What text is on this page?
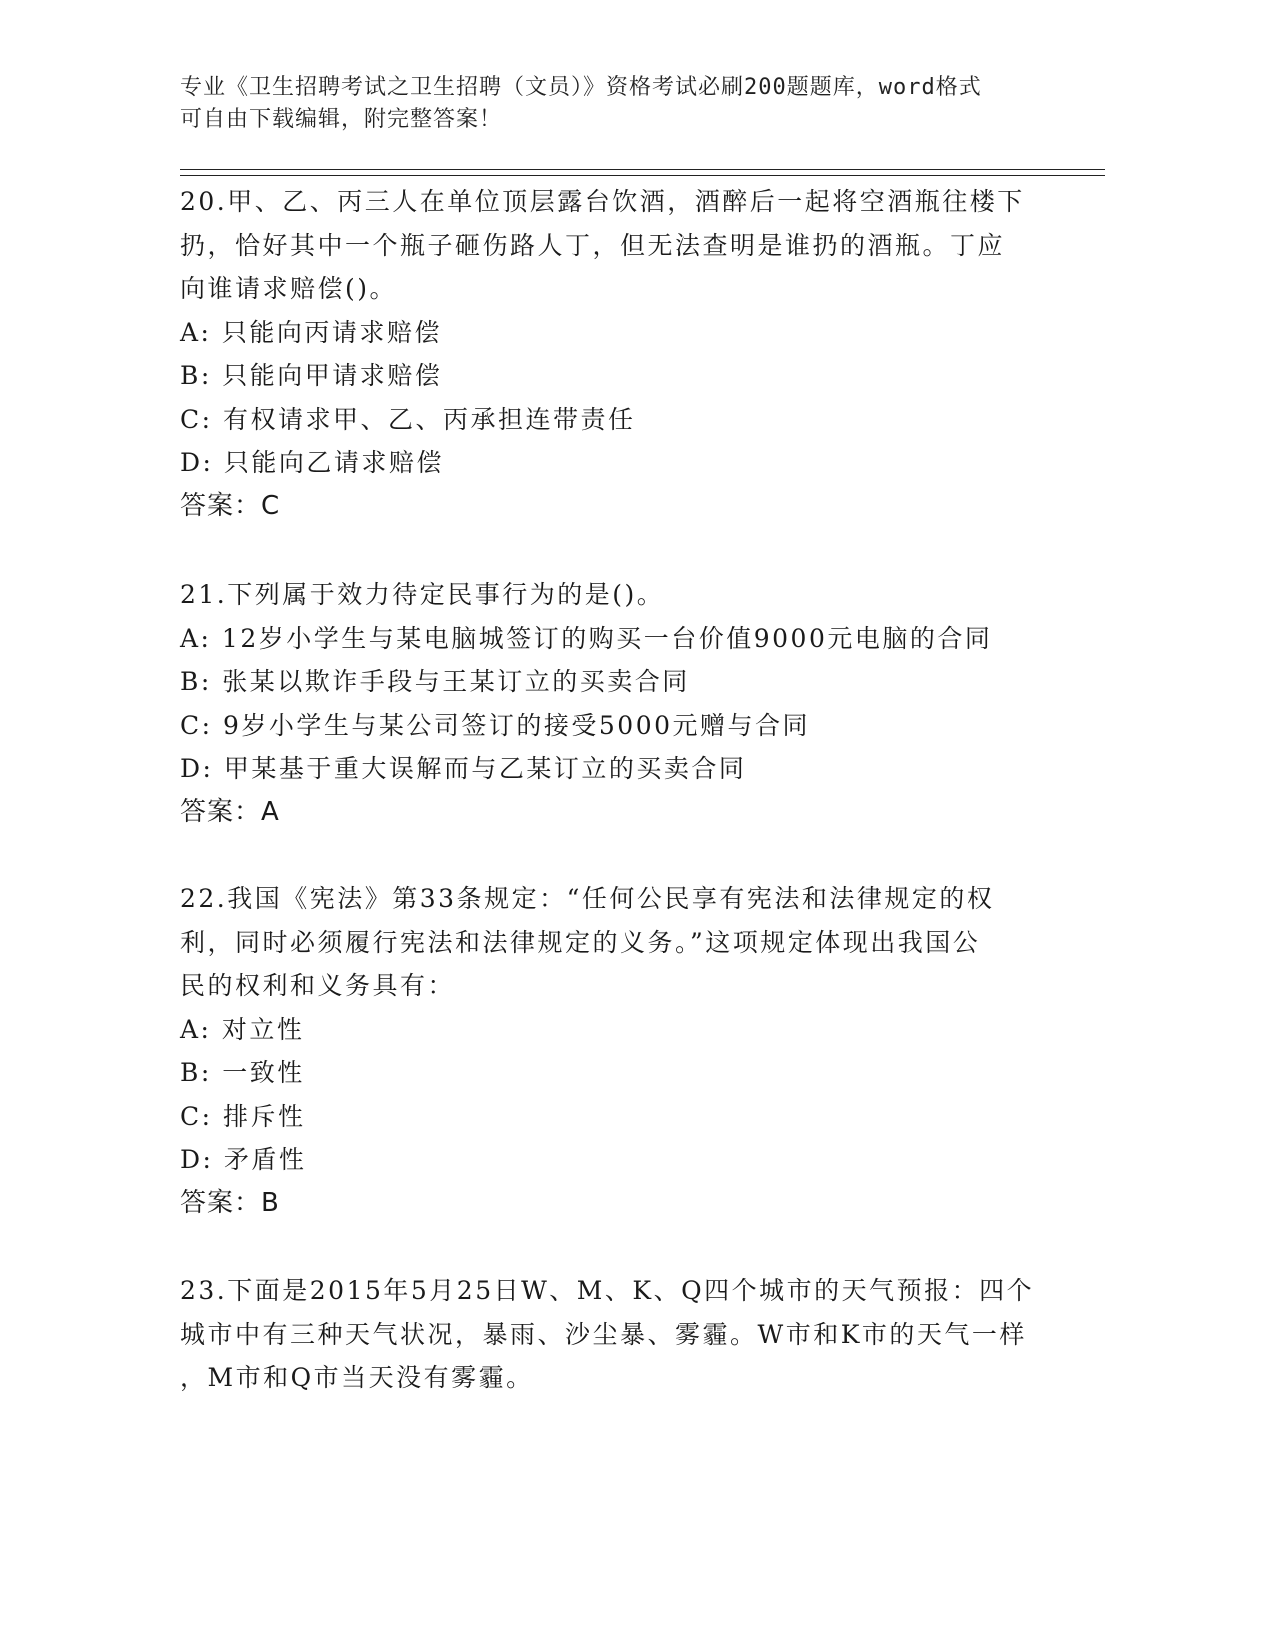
专业《卫生招聘考试之卫生招聘（文员）》资格考试必刷200题题库，word格式
可自由下载编辑，附完整答案！

20.甲、乙、丙三人在单位顶层露台饮酒，酒醉后一起将空酒瓶往楼下

扔，恰好其中一个瓶子砸伤路人丁，但无法查明是谁扔的酒瓶。丁应

向谁请求赔偿()。

A: 只能向丙请求赔偿

B: 只能向甲请求赔偿

C: 有权请求甲、乙、丙承担连带责任

D: 只能向乙请求赔偿

答案：C

21.下列属于效力待定民事行为的是()。

A: 12岁小学生与某电脑城签订的购买一台价值9000元电脑的合同

B: 张某以欺诈手段与王某订立的买卖合同

C: 9岁小学生与某公司签订的接受5000元赠与合同

D: 甲某基于重大误解而与乙某订立的买卖合同

答案：A

22.我国《宪法》第33条规定：“任何公民享有宪法和法律规定的权

利，同时必须履行宪法和法律规定的义务。”这项规定体现出我国公

民的权利和义务具有：

A: 对立性

B: 一致性

C: 排斥性

D: 矛盾性

答案：B

23.下面是2015年5月25日W、M、K、Q四个城市的天气预报：四个

城市中有三种天气状况，暴雨、沙尘暴、雾霾。W市和K市的天气一样

，M市和Q市当天没有雾霾。
